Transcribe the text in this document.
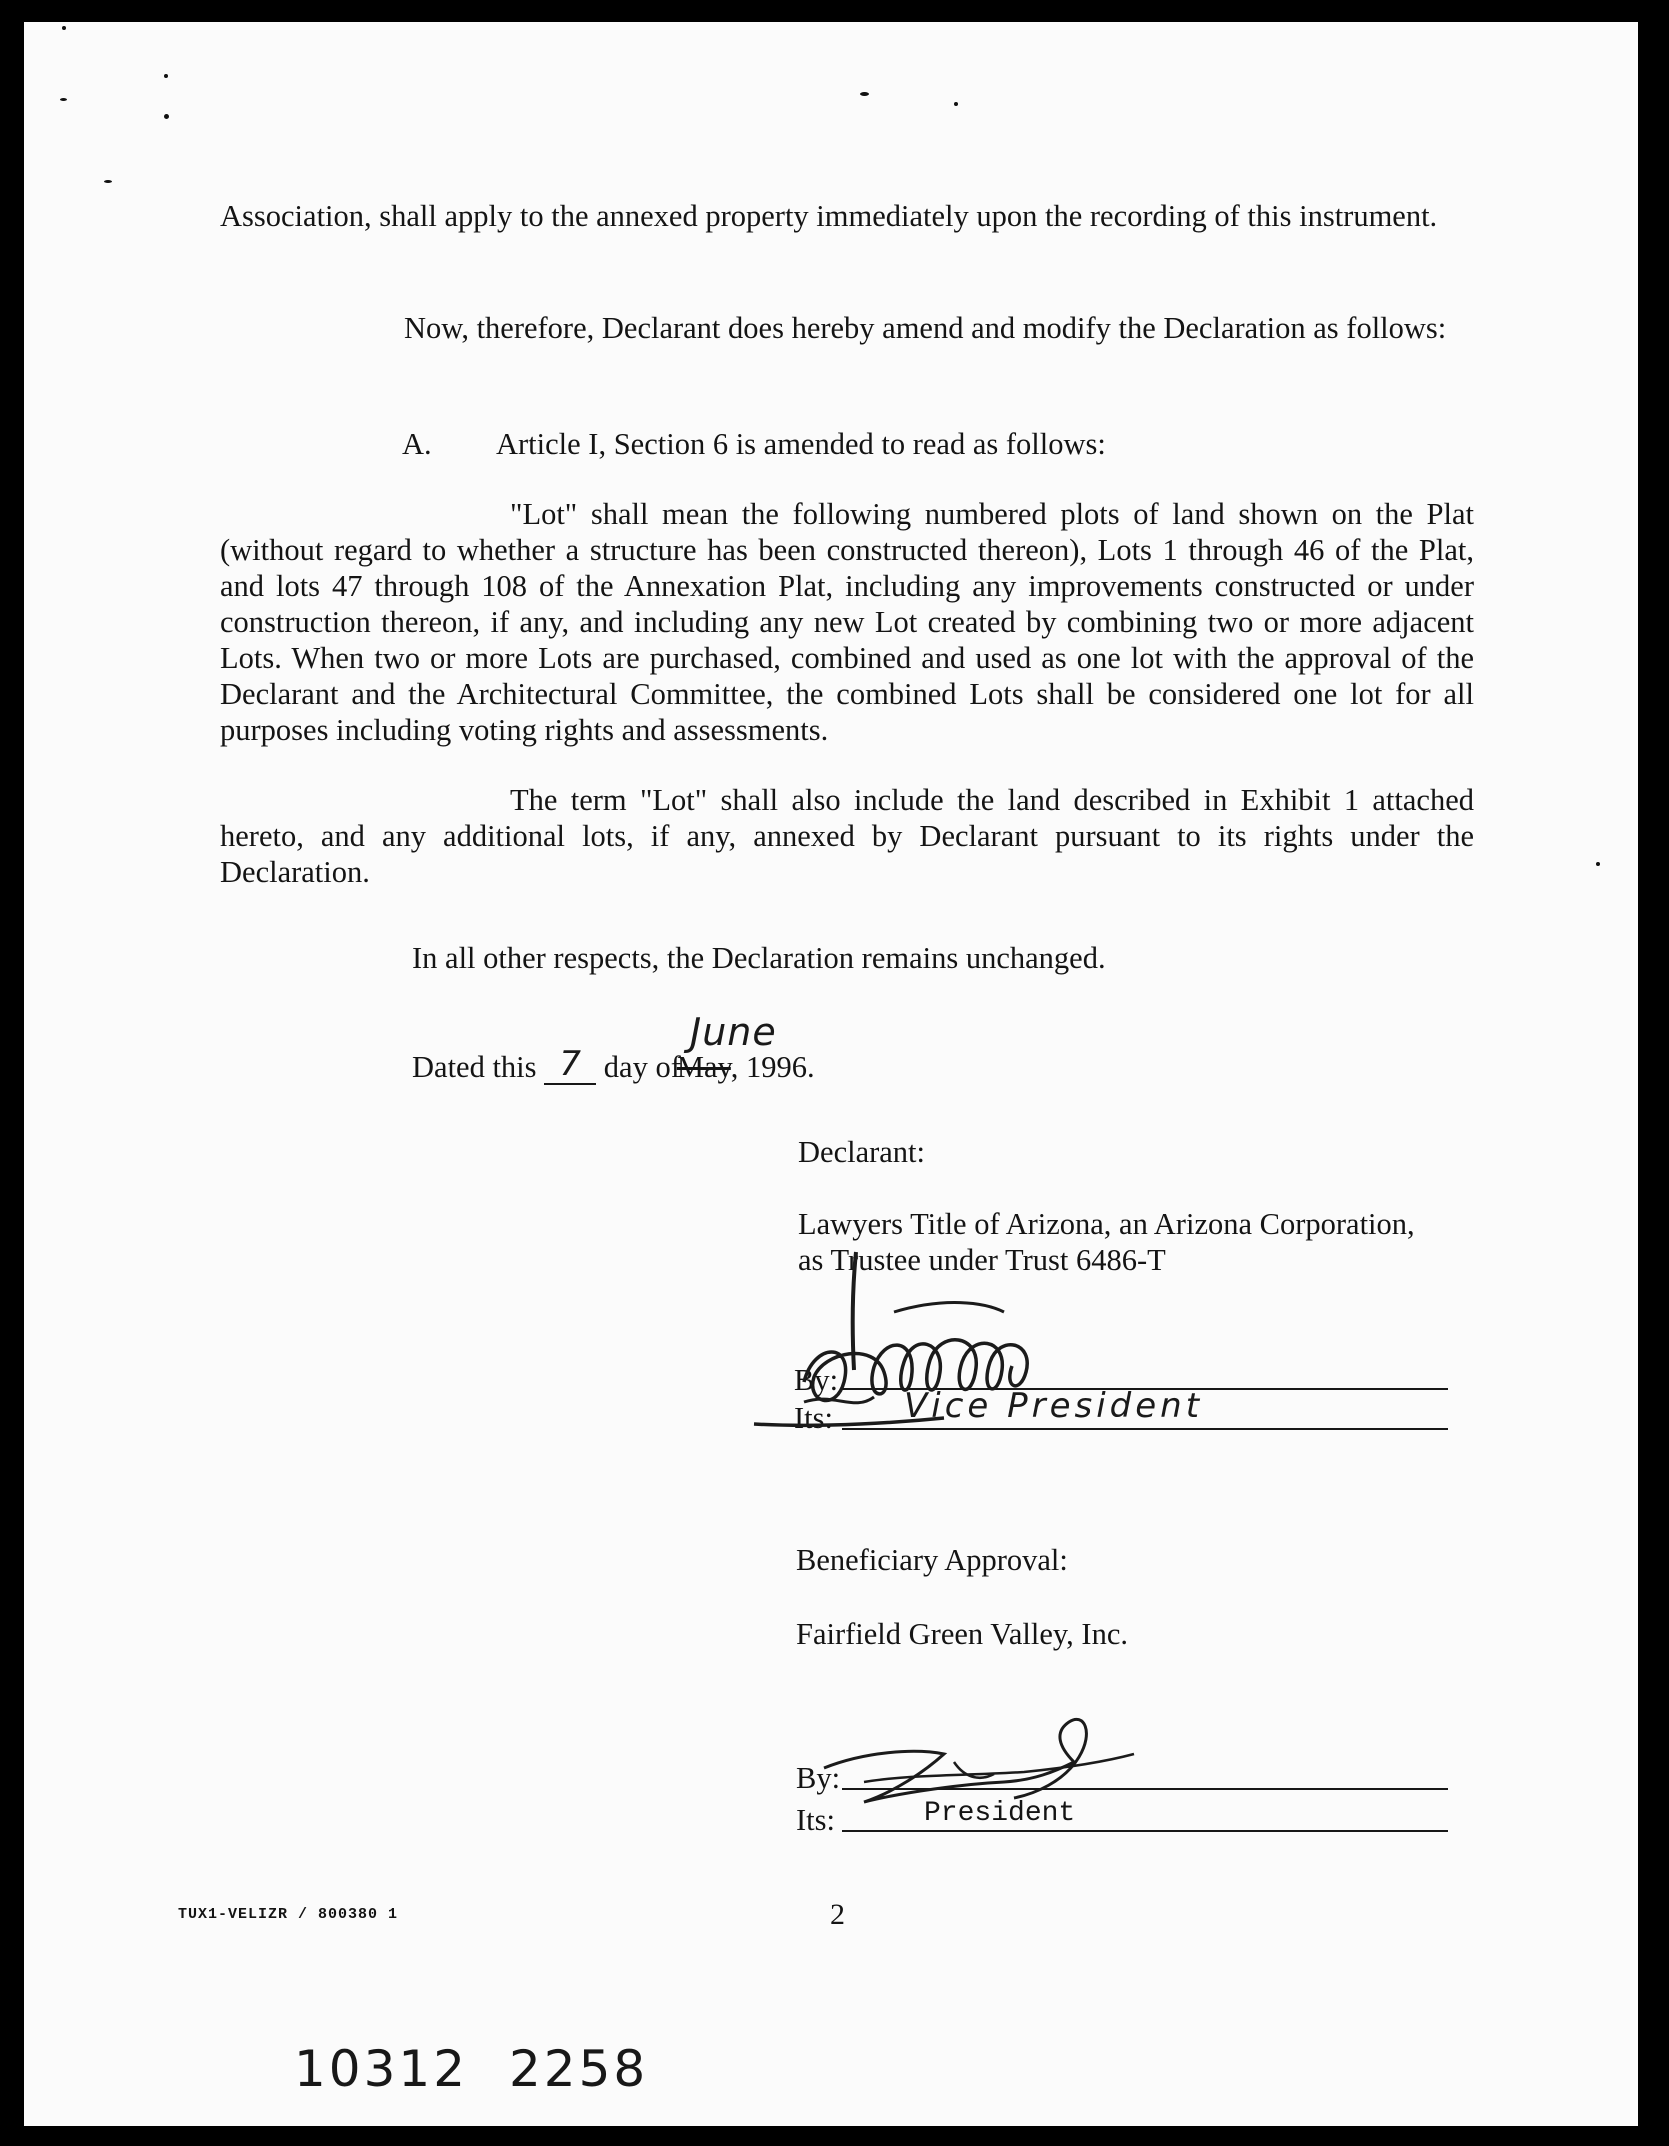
Association, shall apply to the annexed property immediately upon the recording of this instrument.

Now, therefore, Declarant does hereby amend and modify the Declaration as follows:

A. Article I, Section 6 is amended to read as follows:

"Lot" shall mean the following numbered plots of land shown on the Plat (without regard to whether a structure has been constructed thereon), Lots 1 through 46 of the Plat, and lots 47 through 108 of the Annexation Plat, including any improvements constructed or under construction thereon, if any, and including any new Lot created by combining two or more adjacent Lots. When two or more Lots are purchased, combined and used as one lot with the approval of the Declarant and the Architectural Committee, the combined Lots shall be considered one lot for all purposes including voting rights and assessments.

The term "Lot" shall also include the land described in Exhibit 1 attached hereto, and any additional lots, if any, annexed by Declarant pursuant to its rights under the Declaration.

In all other respects, the Declaration remains unchanged.
Dated this 7 day ofMay, 1996.
June
Declarant:
Lawyers Title of Arizona, an Arizona Corporation,
as Trustee under Trust 6486-T
By:
Its: Vice President
Beneficiary Approval:
Fairfield Green Valley, Inc.
By:
Its:	President
TUX1-VELIZR / 800380 1	2
10312 2258
